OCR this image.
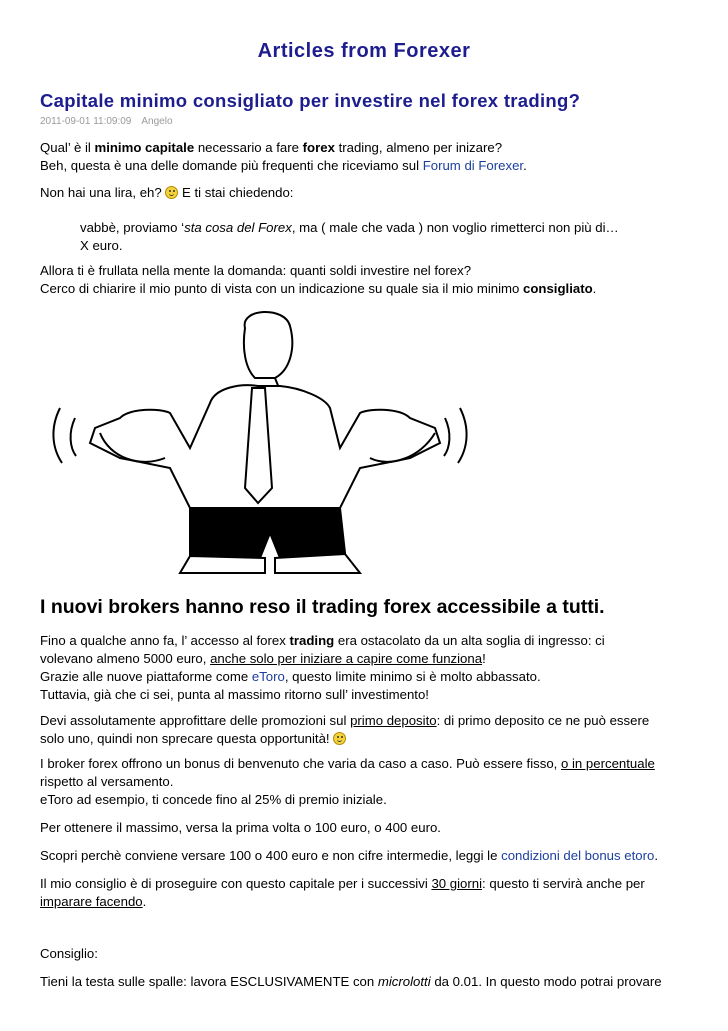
Articles from Forexer
Capitale minimo consigliato per investire nel forex trading?
2011-09-01 11:09:09 Angelo

Qual’ è il minimo capitale necessario a fare forex trading, almeno per inizare?
Beh, questa è una delle domande più frequenti che riceviamo sul Forum di Forexer.

Non hai una lira, eh?  E ti stai chiedendo:

vabbè, proviamo ‘sta cosa del Forex, ma ( male che vada ) non voglio rimetterci non più di…
X euro.

Allora ti è frullata nella mente la domanda: quanti soldi investire nel forex?
Cerco di chiarire il mio punto di vista con un indicazione su quale sia il mio minimo consigliato.

I nuovi brokers hanno reso il trading forex accessibile a tutti.

Fino a qualche anno fa, l’ accesso al forex trading era ostacolato da un alta soglia di ingresso: ci
volevano almeno 5000 euro, anche solo per iniziare a capire come funziona!
Grazie alle nuove piattaforme come eToro, questo limite minimo si è molto abbassato.
Tuttavia, già che ci sei, punta al massimo ritorno sull’ investimento!

Devi assolutamente approfittare delle promozioni sul primo deposito: di primo deposito ce ne può essere
solo uno, quindi non sprecare questa opportunità!

I broker forex offrono un bonus di benvenuto che varia da caso a caso. Può essere fisso, o in percentuale
rispetto al versamento.
eToro ad esempio, ti concede fino al 25% di premio iniziale.

Per ottenere il massimo, versa la prima volta o 100 euro, o 400 euro.

Scopri perchè conviene versare 100 o 400 euro e non cifre intermedie, leggi le condizioni del bonus etoro.

Il mio consiglio è di proseguire con questo capitale per i successivi 30 giorni: questo ti servirà anche per
imparare facendo.

Consiglio:

Tieni la testa sulle spalle: lavora ESCLUSIVAMENTE con microlotti da 0.01. In questo modo potrai provare
